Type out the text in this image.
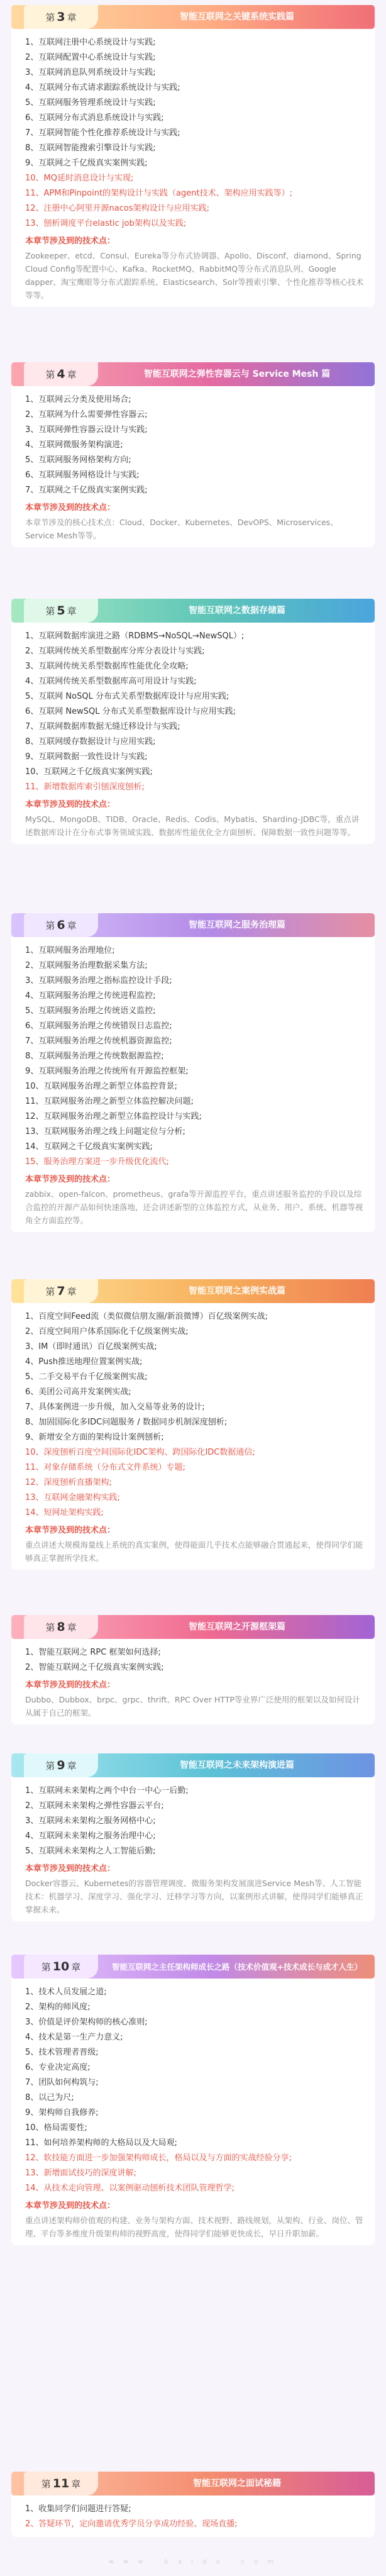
第 3 章	智能互联网之关键系统实践篇
1、互联网注册中心系统设计与实践;
2、互联网配置中心系统设计与实践;
3、互联网消息队列系统设计与实践;
4、互联网分布式请求跟踪系统设计与实践;
5、互联网服务管理系统设计与实践;
6、互联网分布式消息系统设计与实践;
7、互联网智能个性化推荐系统设计与实践;
8、互联网智能搜索引擎设计与实践;
9、互联网之千亿级真实案例实践;
10、MQ延时消息设计与实现;
11、APM和Pinpoint的架构设计与实践（agent技术、架构应用实践等）;
12、注册中心阿里开源nacos架构设计与应用实践;
13、刨析调度平台elastic job架构以及实践;
本章节涉及到的技术点：
Zookeeper、etcd、Consul、Eureka等分布式协调器、Apollo、Disconf、diamond、Spring Cloud Config等配置中心、Kafka、RocketMQ、RabbitMQ等分布式消息队列、Google dapper、淘宝鹰眼等分布式跟踪系统、Elasticsearch、Solr等搜索引擎、个性化推荐等核心技术等等。
第 4 章	智能互联网之弹性容器云与 Service Mesh 篇
1、互联网云分类及使用场合;
2、互联网为什么需要弹性容器云;
3、互联网弹性容器云设计与实践;
4、互联网微服务架构演进;
5、互联网服务网格架构方向;
6、互联网服务网格设计与实践;
7、互联网之千亿级真实案例实践;
本章节涉及到的技术点：
本章节涉及的核心技术点：Cloud、Docker、Kubernetes、DevOPS、Microservices、Service Mesh等等。
第 5 章	智能互联网之数据存储篇
1、互联网数据库演进之路（RDBMS→NoSQL→NewSQL）;
2、互联网传统关系型数据库分库分表设计与实践;
3、互联网传统关系型数据库性能优化全攻略;
4、互联网传统关系型数据库高可用设计与实践;
5、互联网 NoSQL 分布式关系型数据库设计与应用实践;
6、互联网 NewSQL 分布式关系型数据库设计与应用实践;
7、互联网数据库数据无缝迁移设计与实践;
8、互联网缓存数据设计与应用实践;
9、互联网数据一致性设计与实践;
10、互联网之千亿级真实案例实践;
11、新增数据库索引刨深度刨析;
本章节涉及到的技术点：
MySQL、MongoDB、TIDB、Oracle、Redis、Codis、Mybatis、Sharding-JDBC等，重点讲述数据库设计在分布式事务领域实践、数据库性能优化全方面刨析、保障数据一致性问题等等。
第 6 章	智能互联网之服务治理篇
1、互联网服务治理地位;
2、互联网服务治理数据采集方法;
3、互联网服务治理之指标监控设计手段;
4、互联网服务治理之传统进程监控;
5、互联网服务治理之传统语义监控;
6、互联网服务治理之传统错误日志监控;
7、互联网服务治理之传统机器资源监控;
8、互联网服务治理之传统数据源监控;
9、互联网服务治理之传统所有开源监控框架;
10、互联网服务治理之新型立体监控背景;
11、互联网服务治理之新型立体监控解决问题;
12、互联网服务治理之新型立体监控设计与实践;
13、互联网服务治理之线上问题定位与分析;
14、互联网之千亿级真实案例实践;
15、服务治理方案进一步升级优化流代;
本章节涉及到的技术点：
zabbix、open-falcon、prometheus、grafa等开源监控平台，重点讲述服务监控的手段以及综合监控的开源产品如何快速落地，还会讲述新型的立体监控方式，从业务、用户、系统、机器等视角全方面监控等。
第 7 章	智能互联网之案例实战篇
1、百度空间Feed流（类似微信朋友圈/新浪微博）百亿级案例实战;
2、百度空间用户体系国际化千亿级案例实战;
3、IM（即时通讯）百亿级案例实战;
4、Push推送地理位置案例实战;
5、二手交易平台千亿级案例实战;
6、美团公司高并发案例实战;
7、具体案例进一步升级，加入交易等业务的设计;
8、加固国际化多IDC问题服务 / 数据同步机制深度刨析;
9、新增安全方面的架构设计案例刨析;
10、深度刨析百度空间国际化IDC架构、跨国际化IDC数据通信;
11、对象存储系统（分布式文件系统）专题;
12、深度刨析直播架构;
13、互联网金融架构实践;
14、短网址架构实践;
本章节涉及到的技术点：
重点讲述大规模海量线上系统的真实案例，使得能面几乎技术点能够融合贯通起来，使得同学们能够真正掌握所学技术。
第 8 章	智能互联网之开源框架篇
1、智能互联网之 RPC 框架如何选择;
2、智能互联网之千亿级真实案例实践;
本章节涉及到的技术点：
Dubbo、Dubbox、brpc、grpc、thrift、RPC Over HTTP等业界广泛使用的框架以及如何设计从属于自己的框架。
第 9 章	智能互联网之未来架构演进篇
1、互联网未来架构之两个中台一中心一后勤;
2、互联网未来架构之弹性容器云平台;
3、互联网未来架构之服务网格中心;
4、互联网未来架构之服务治理中心;
5、互联网未来架构之人工智能后勤;
本章节涉及到的技术点：
Docker容器云、Kubernetes的容器管理调度、微服务架构发展演进Service Mesh等、人工智能技术：机器学习、深度学习、强化学习、迁移学习等方向，以案例形式讲解，使得同学们能够真正掌握未来。
第 10 章	智能互联网之主任架构师成长之路（技术价值观+技术成长与成才人生）
1、技术人员发展之道;
2、架构的师风度;
3、价值是评价架构师的核心准则;
4、技术是第一生产力意义;
5、技术管理者晋级;
6、专业决定高度;
7、团队如何构筑与;
8、以己为尺;
9、架构师自我修养;
10、格局需要性;
11、如何培养架构师的大格局以及大局观;
12、软技能方面进一步加强架构师成长，格局以及与方面的实战经验分享;
13、新增面试技巧的深度讲解;
14、从技术走向管理、以案例驱动刨析技术团队管理哲学;
本章节涉及到的技术点：
重点讲述架构师价值观的构建、业务与架构方面、技术视野、路线规划，从架构、行业、岗位、管理、平台等多维度升级架构师的视野高度，使得同学们能够更快成长，早日升职加薪。
第 11 章	智能互联网之面试秘籍
1、收集同学们问题进行答疑;
2、答疑环节，定向邀请优秀学员分享成功经验、现场直播;
w w w . b a i d u . c o m
